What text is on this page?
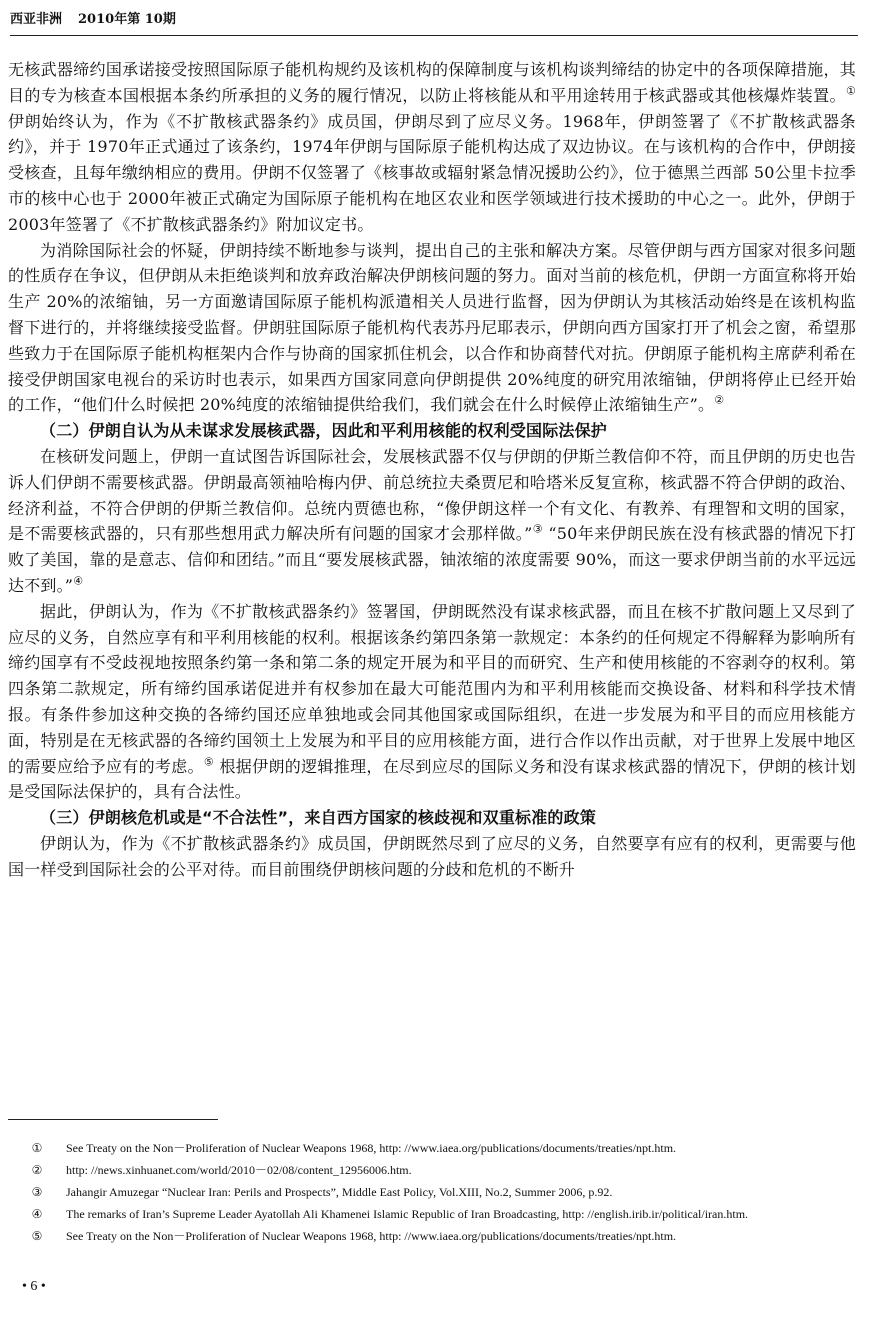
西亚非洲 2010年第 10期

无核武器缔约国承诺接受按照国际原子能机构规约及该机构的保障制度与该机构谈判缔结的协定中的各项保障措施，其目的专为核查本国根据本条约所承担的义务的履行情况，以防止将核能从和平用途转用于核武器或其他核爆炸装置。① 伊朗始终认为，作为《不扩散核武器条约》成员国，伊朗尽到了应尽义务。1968年，伊朗签署了《不扩散核武器条约》，并于 1970年正式通过了该条约，1974年伊朗与国际原子能机构达成了双边协议。在与该机构的合作中，伊朗接受核查，且每年缴纳相应的费用。伊朗不仅签署了《核事故或辐射紧急情况援助公约》，位于德黑兰西部 50公里卡拉季市的核中心也于 2000年被正式确定为国际原子能机构在地区农业和医学领域进行技术援助的中心之一。此外，伊朗于 2003年签署了《不扩散核武器条约》附加议定书。

为消除国际社会的怀疑，伊朗持续不断地参与谈判，提出自己的主张和解决方案。尽管伊朗与西方国家对很多问题的性质存在争议，但伊朗从未拒绝谈判和放弃政治解决伊朗核问题的努力。面对当前的核危机，伊朗一方面宣称将开始生产 20%的浓缩铀，另一方面邀请国际原子能机构派遣相关人员进行监督，因为伊朗认为其核活动始终是在该机构监督下进行的，并将继续接受监督。伊朗驻国际原子能机构代表苏丹尼耶表示，伊朗向西方国家打开了机会之窗，希望那些致力于在国际原子能机构框架内合作与协商的国家抓住机会，以合作和协商替代对抗。伊朗原子能机构主席萨利希在接受伊朗国家电视台的采访时也表示，如果西方国家同意向伊朗提供 20%纯度的研究用浓缩铀，伊朗将停止已经开始的工作，“他们什么时候把 20%纯度的浓缩铀提供给我们，我们就会在什么时候停止浓缩铀生产”。②

（二）伊朗自认为从未谋求发展核武器，因此和平利用核能的权利受国际法保护

在核研发问题上，伊朗一直试图告诉国际社会，发展核武器不仅与伊朗的伊斯兰教信仰不符，而且伊朗的历史也告诉人们伊朗不需要核武器。伊朗最高领袖哈梅内伊、前总统拉夫桑贾尼和哈塔米反复宣称，核武器不符合伊朗的政治、经济利益，不符合伊朗的伊斯兰教信仰。总统内贾德也称，“像伊朗这样一个有文化、有教养、有理智和文明的国家，是不需要核武器的，只有那些想用武力解决所有问题的国家才会那样做。”③ “50年来伊朗民族在没有核武器的情况下打败了美国，靠的是意志、信仰和团结。”而且“要发展核武器，铀浓缩的浓度需要 90%，而这一要求伊朗当前的水平远远达不到。”④

据此，伊朗认为，作为《不扩散核武器条约》签署国，伊朗既然没有谋求核武器，而且在核不扩散问题上又尽到了应尽的义务，自然应享有和平利用核能的权利。根据该条约第四条第一款规定：本条约的任何规定不得解释为影响所有缔约国享有不受歧视地按照条约第一条和第二条的规定开展为和平目的而研究、生产和使用核能的不容剥夺的权利。第四条第二款规定，所有缔约国承诺促进并有权参加在最大可能范围内为和平利用核能而交换设备、材料和科学技术情报。有条件参加这种交换的各缔约国还应单独地或会同其他国家或国际组织，在进一步发展为和平目的而应用核能方面，特别是在无核武器的各缔约国领土上发展为和平目的应用核能方面，进行合作以作出贡献，对于世界上发展中地区的需要应给予应有的考虑。⑤ 根据伊朗的逻辑推理，在尽到应尽的国际义务和没有谋求核武器的情况下，伊朗的核计划是受国际法保护的，具有合法性。

（三）伊朗核危机或是“不合法性”，来自西方国家的核歧视和双重标准的政策

伊朗认为，作为《不扩散核武器条约》成员国，伊朗既然尽到了应尽的义务，自然要享有应有的权利，更需要与他国一样受到国际社会的公平对待。而目前围绕伊朗核问题的分歧和危机的不断升

①	See Treaty on the Non－Proliferation of Nuclear Weapons 1968, http: //www.iaea.org/publications/documents/treaties/npt.htm.
②	http: //news.xinhuanet.com/world/2010－02/08/content_12956006.htm.
③	Jahangir Amuzegar “Nuclear Iran: Perils and Prospects”, Middle East Policy, Vol.XIII, No.2, Summer 2006, p.92.
④	The remarks of Iran’s Supreme Leader Ayatollah Ali Khamenei Islamic Republic of Iran Broadcasting, http: //english.irib.ir/political/iran.htm.
⑤	See Treaty on the Non－Proliferation of Nuclear Weapons 1968, http: //www.iaea.org/publications/documents/treaties/npt.htm.
• 6 •
